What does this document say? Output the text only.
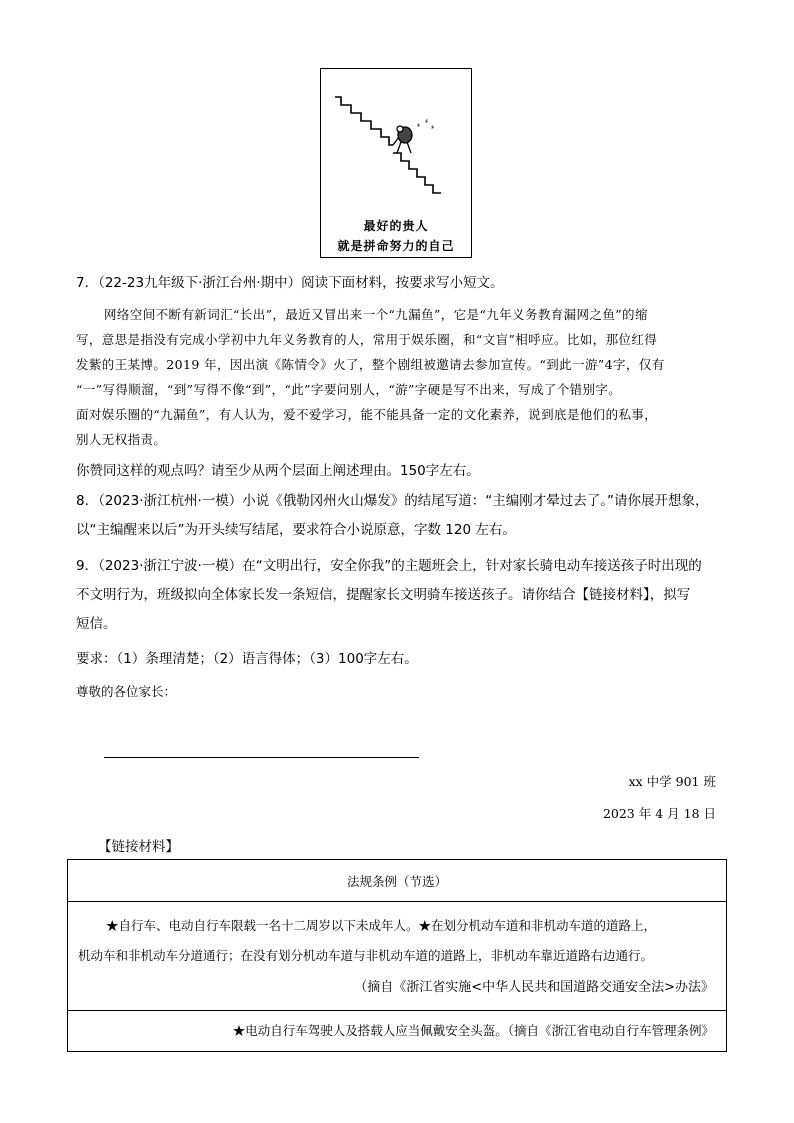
ء ء
ء
最好的贵人
就是拼命努力的自己
7．（22-23九年级下·浙江台州·期中）阅读下面材料，按要求写小短文。
网络空间不断有新词汇“长出”，最近又冒出来一个“九漏鱼”，它是“九年义务教育漏网之鱼”的缩
写，意思是指没有完成小学初中九年义务教育的人，常用于娱乐圈，和“文盲”相呼应。比如，那位红得
发紫的王某博。2019 年，因出演《陈情令》火了，整个剧组被邀请去参加宣传。“到此一游”4字，仅有
“一”写得顺溜，“到”写得不像“到”，“此”字要问别人，“游”字硬是写不出来，写成了个错别字。
面对娱乐圈的“九漏鱼”，有人认为，爱不爱学习，能不能具备一定的文化素养，说到底是他们的私事，
别人无权指责。
你赞同这样的观点吗？请至少从两个层面上阐述理由。150字左右。
8．（2023·浙江杭州·一模）小说《俄勒冈州火山爆发》的结尾写道：“主编刚才晕过去了。”请你展开想象，
以“主编醒来以后”为开头续写结尾，要求符合小说原意，字数 120 左右。
9．（2023·浙江宁波·一模）在“文明出行，安全你我”的主题班会上，针对家长骑电动车接送孩子时出现的
不文明行为，班级拟向全体家长发一条短信，提醒家长文明骑车接送孩子。请你结合【链接材料】，拟写
短信。
要求：（1）条理清楚；（2）语言得体；（3）100字左右。
尊敬的各位家长：
xx 中学 901 班
2023 年 4 月 18 日
【链接材料】
法规条例（节选）

★自行车、电动自行车限载一名十二周岁以下未成年人。★在划分机动车道和非机动车道的道路上，
机动车和非机动车分道通行；在没有划分机动车道与非机动车道的道路上，非机动车靠近道路右边通行。
（摘自《浙江省实施<中华人民共和国道路交通安全法>办法》

★电动自行车驾驶人及搭载人应当佩戴安全头盔。（摘自《浙江省电动自行车管理条例》
